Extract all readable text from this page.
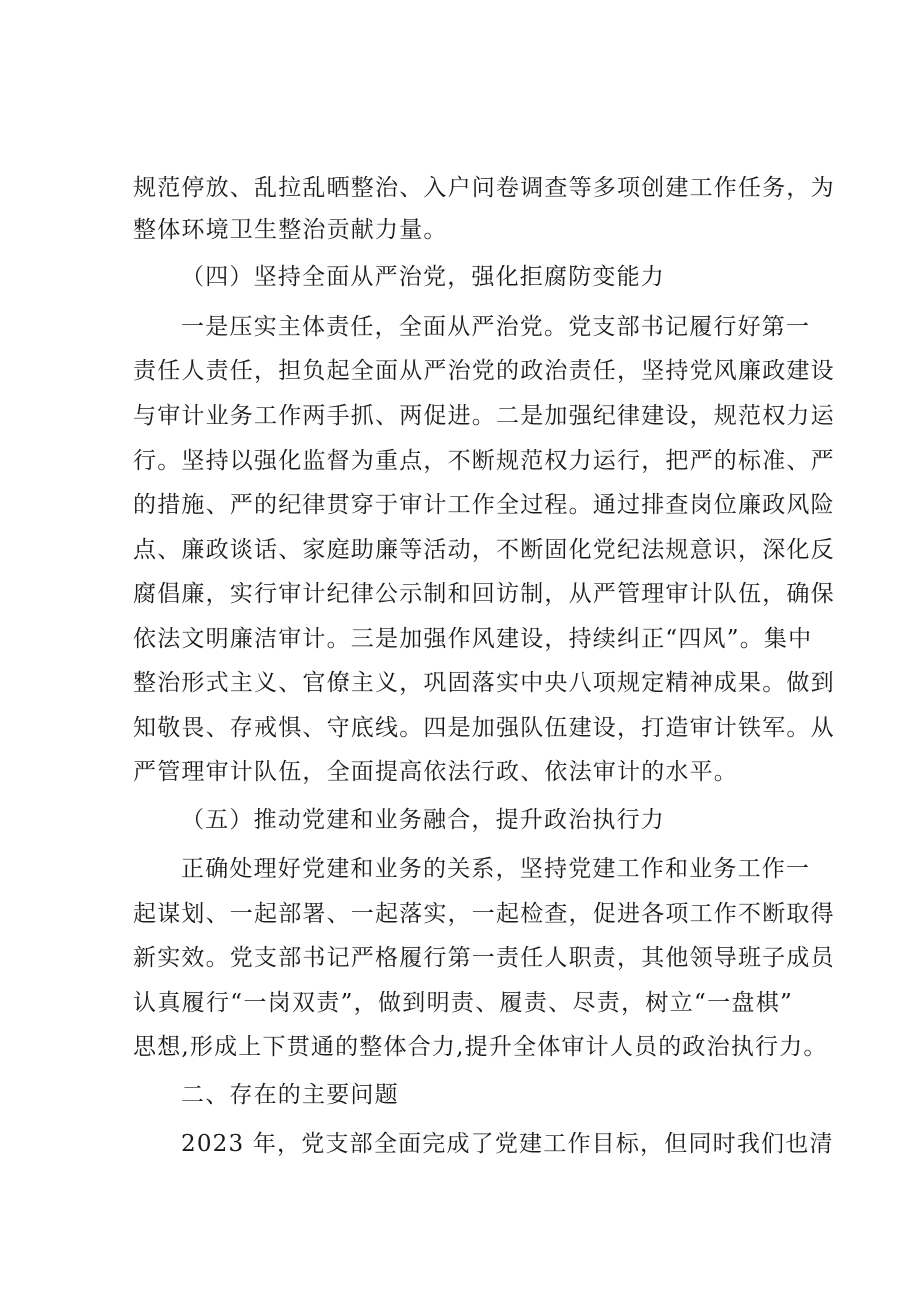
规范停放、乱拉乱晒整治、入户问卷调查等多项创建工作任务，为
整体环境卫生整治贡献力量。
（四）坚持全面从严治党，强化拒腐防变能力
一是压实主体责任，全面从严治党。党支部书记履行好第一
责任人责任，担负起全面从严治党的政治责任，坚持党风廉政建设
与审计业务工作两手抓、两促进。二是加强纪律建设，规范权力运
行。坚持以强化监督为重点，不断规范权力运行，把严的标准、严
的措施、严的纪律贯穿于审计工作全过程。通过排查岗位廉政风险
点、廉政谈话、家庭助廉等活动，不断固化党纪法规意识，深化反
腐倡廉，实行审计纪律公示制和回访制，从严管理审计队伍，确保
依法文明廉洁审计。三是加强作风建设，持续纠正“四风”。集中
整治形式主义、官僚主义，巩固落实中央八项规定精神成果。做到
知敬畏、存戒惧、守底线。四是加强队伍建设，打造审计铁军。从
严管理审计队伍，全面提高依法行政、依法审计的水平。
（五）推动党建和业务融合，提升政治执行力
正确处理好党建和业务的关系，坚持党建工作和业务工作一
起谋划、一起部署、一起落实，一起检查，促进各项工作不断取得
新实效。党支部书记严格履行第一责任人职责，其他领导班子成员
认真履行“一岗双责”，做到明责、履责、尽责，树立“一盘棋”
思想,形成上下贯通的整体合力,提升全体审计人员的政治执行力。
二、存在的主要问题
2023 年，党支部全面完成了党建工作目标，但同时我们也清
